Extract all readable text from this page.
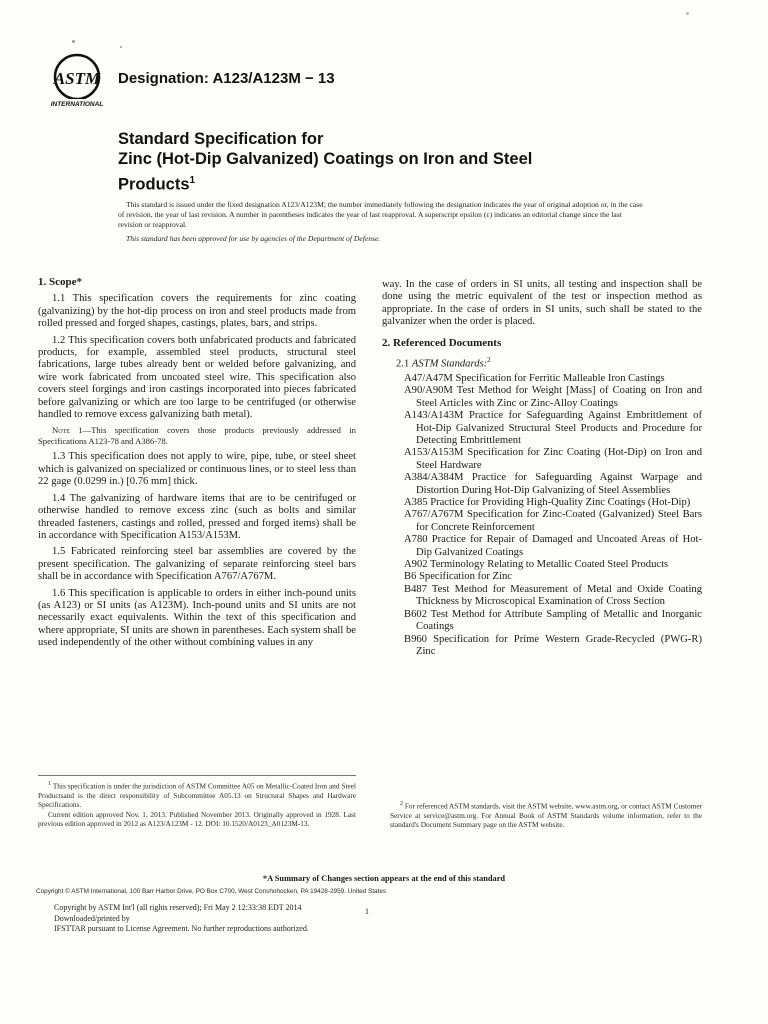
ASTM
INTERNATIONAL
Designation: A123/A123M − 13
Standard Specification for
Zinc (Hot-Dip Galvanized) Coatings on Iron and Steel
Products$^1$

This standard is issued under the fixed designation A123/A123M; the number immediately following the designation indicates the year of original adoption or, in the case of revision, the year of last revision. A number in parentheses indicates the year of last reapproval. A superscript epsilon (ε) indicates an editorial change since the last revision or reapproval.

This standard has been approved for use by agencies of the Department of Defense.

1. Scope*

1.1 This specification covers the requirements for zinc coating (galvanizing) by the hot-dip process on iron and steel products made from rolled pressed and forged shapes, castings, plates, bars, and strips.

1.2 This specification covers both unfabricated products and fabricated products, for example, assembled steel products, structural steel fabrications, large tubes already bent or welded before galvanizing, and wire work fabricated from uncoated steel wire. This specification also covers steel forgings and iron castings incorporated into pieces fabricated before galvanizing or which are too large to be centrifuged (or otherwise handled to remove excess galvanizing bath metal).

Note 1—This specification covers those products previously addressed in Specifications A123-78 and A386-78.

1.3 This specification does not apply to wire, pipe, tube, or steel sheet which is galvanized on specialized or continuous lines, or to steel less than 22 gage (0.0299 in.) [0.76 mm] thick.

1.4 The galvanizing of hardware items that are to be centrifuged or otherwise handled to remove excess zinc (such as bolts and similar threaded fasteners, castings and rolled, pressed and forged items) shall be in accordance with Specification A153/A153M.

1.5 Fabricated reinforcing steel bar assemblies are covered by the present specification. The galvanizing of separate reinforcing steel bars shall be in accordance with Specification A767/A767M.

1.6 This specification is applicable to orders in either inch-pound units (as A123) or SI units (as A123M). Inch-pound units and SI units are not necessarily exact equivalents. Within the text of this specification and where appropriate, SI units are shown in parentheses. Each system shall be used independently of the other without combining values in any

way. In the case of orders in SI units, all testing and inspection shall be done using the metric equivalent of the test or inspection method as appropriate. In the case of orders in SI units, such shall be stated to the galvanizer when the order is placed.

2. Referenced Documents
2.1 ASTM Standards:$^2$

A47/A47M Specification for Ferritic Malleable Iron Castings

A90/A90M Test Method for Weight [Mass] of Coating on Iron and Steel Articles with Zinc or Zinc-Alloy Coatings

A143/A143M Practice for Safeguarding Against Embrittlement of Hot-Dip Galvanized Structural Steel Products and Procedure for Detecting Embrittlement

A153/A153M Specification for Zinc Coating (Hot-Dip) on Iron and Steel Hardware

A384/A384M Practice for Safeguarding Against Warpage and Distortion During Hot-Dip Galvanizing of Steel Assemblies

A385 Practice for Providing High-Quality Zinc Coatings (Hot-Dip)

A767/A767M Specification for Zinc-Coated (Galvanized) Steel Bars for Concrete Reinforcement

A780 Practice for Repair of Damaged and Uncoated Areas of Hot-Dip Galvanized Coatings

A902 Terminology Relating to Metallic Coated Steel Products

B6 Specification for Zinc

B487 Test Method for Measurement of Metal and Oxide Coating Thickness by Microscopical Examination of Cross Section

B602 Test Method for Attribute Sampling of Metallic and Inorganic Coatings

B960 Specification for Prime Western Grade-Recycled (PWG-R) Zinc

$^1$ This specification is under the jurisdiction of ASTM Committee A05 on Metallic-Coated Iron and Steel Productsand is the direct responsibility of Subcommittee A05.13 on Structural Shapes and Hardware Specifications.

Current edition approved Nov. 1, 2013. Published November 2013. Originally approved in 1928. Last previous edition approved in 2012 as A123/A123M - 12. DOI: 10.1520/A0123_A0123M-13.

$^2$ For referenced ASTM standards, visit the ASTM website, www.astm.org, or contact ASTM Customer Service at service@astm.org. For Annual Book of ASTM Standards volume information, refer to the standard's Document Summary page on the ASTM website.

*A Summary of Changes section appears at the end of this standard
Copyright © ASTM International, 100 Barr Harbor Drive, PO Box C700, West Conshohocken, PA 19428-2959. United States
Copyright by ASTM Int'l (all rights reserved); Fri May 2 12:33:38 EDT 2014
Downloaded/printed by
IFSTTAR pursuant to License Agreement. No further reproductions authorized.
1
